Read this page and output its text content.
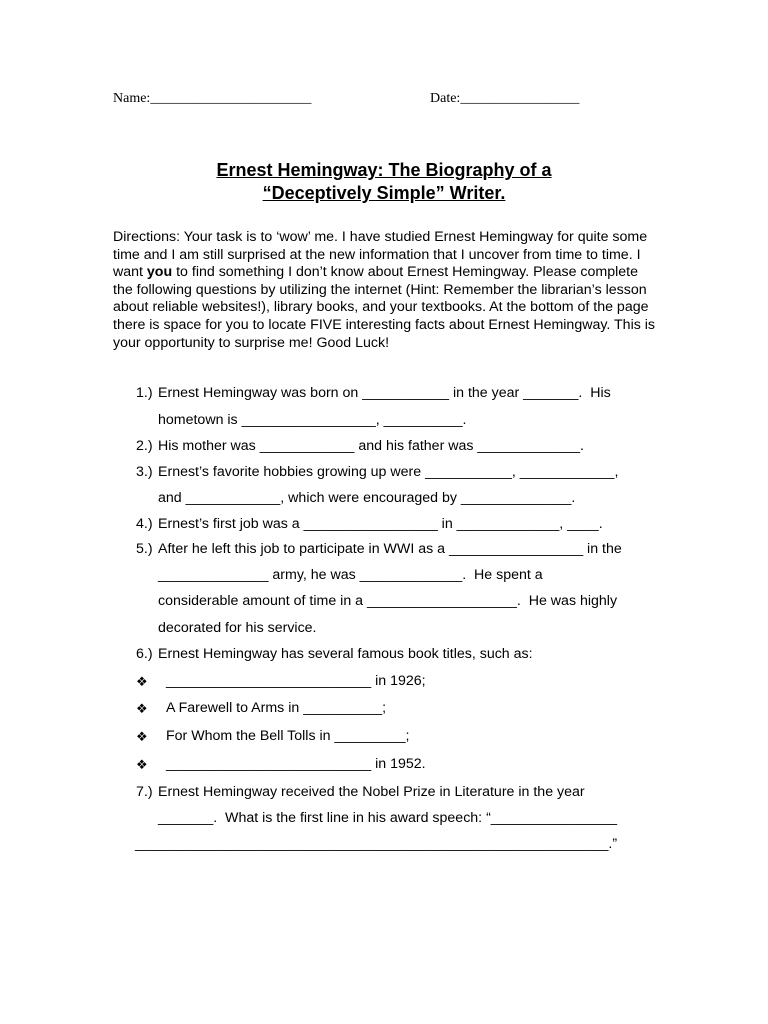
Name:_______________________	Date:_________________
Ernest Hemingway: The Biography of a
“Deceptively Simple” Writer.
Directions: Your task is to ‘wow’ me. I have studied Ernest Hemingway for quite some time and I am still surprised at the new information that I uncover from time to time. I want you to find something I don’t know about Ernest Hemingway. Please complete the following questions by utilizing the internet (Hint: Remember the librarian’s lesson about reliable websites!), library books, and your textbooks. At the bottom of the page there is space for you to locate FIVE interesting facts about Ernest Hemingway. This is your opportunity to surprise me! Good Luck!
1.) Ernest Hemingway was born on ___________ in the year _______.  His
hometown is _________________, __________.
2.) His mother was ____________ and his father was _____________.
3.) Ernest’s favorite hobbies growing up were ___________, ____________,
and ____________, which were encouraged by ______________.
4.) Ernest’s first job was a _________________ in _____________, ____.
5.) After he left this job to participate in WWI as a _________________ in the
______________ army, he was _____________.  He spent a
considerable amount of time in a ___________________.  He was highly
decorated for his service.
6.) Ernest Hemingway has several famous book titles, such as:
❖ __________________________ in 1926;
❖ A Farewell to Arms in __________;
❖ For Whom the Bell Tolls in _________;
❖ __________________________ in 1952.
7.) Ernest Hemingway received the Nobel Prize in Literature in the year
_______.  What is the first line in his award speech: “________________
____________________________________________________________.”
